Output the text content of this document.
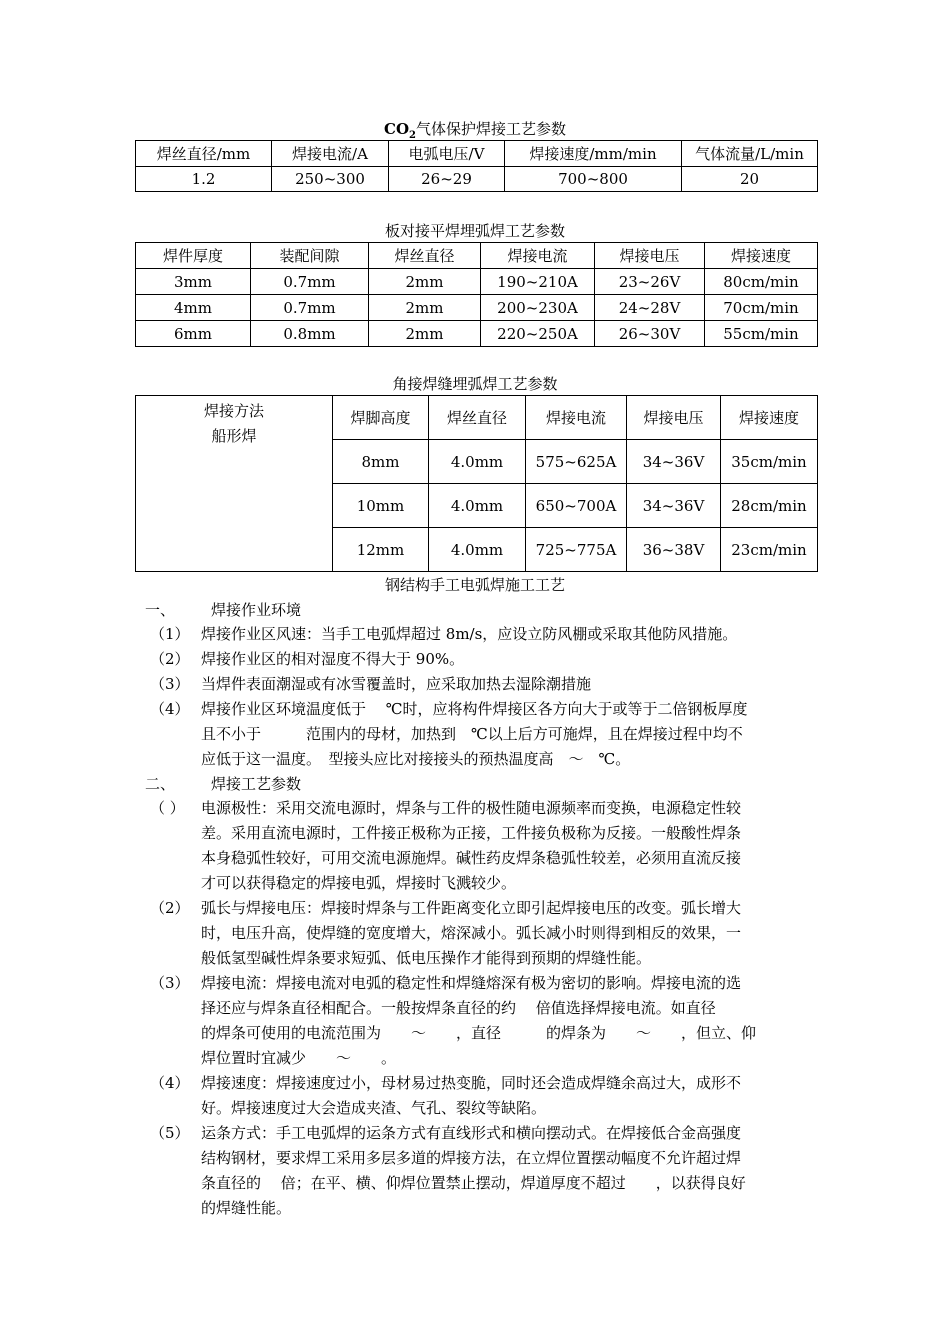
$CO_2$气体保护焊接工艺参数
焊丝直径/mm	焊接电流/A	电弧电压/V	焊接速度/mm/min	气体流量/L/min
1.2	250~300	26~29	700~800	20
板对接平焊埋弧焊工艺参数
焊件厚度	装配间隙	焊丝直径	焊接电流	焊接电压	焊接速度
3mm	0.7mm	2mm	190~210A	23~26V	80cm/min
4mm	0.7mm	2mm	200~230A	24~28V	70cm/min
6mm	0.8mm	2mm	220~250A	26~30V	55cm/min
角接焊缝埋弧焊工艺参数
焊接方法
船形焊	焊脚高度	焊丝直径	焊接电流	焊接电压	焊接速度
	8mm	4.0mm	575~625A	34~36V	35cm/min
	10mm	4.0mm	650~700A	34~36V	28cm/min
	12mm	4.0mm	725~775A	36~38V	23cm/min
钢结构手工电弧焊施工工艺
一、 焊接作业环境
（1） 焊接作业区风速：当手工电弧焊超过 8m/s，应设立防风棚或采取其他防风措施。

（2） 焊接作业区的相对湿度不得大于 90%。

（3） 当焊件表面潮湿或有冰雪覆盖时，应采取加热去湿除潮措施

（4） 焊接作业区环境温度低于　 ℃时，应将构件焊接区各方向大于或等于二倍钢板厚度

且不小于　　　范围内的母材，加热到　℃以上后方可施焊，且在焊接过程中均不

应低于这一温度。　型接头应比对接接头的预热温度高　～　℃。

二、 焊接工艺参数
（ ） 电源极性：采用交流电源时，焊条与工件的极性随电源频率而变换，电源稳定性较

差。采用直流电源时，工件接正极称为正接，工件接负极称为反接。一般酸性焊条

本身稳弧性较好，可用交流电源施焊。碱性药皮焊条稳弧性较差，必须用直流反接

才可以获得稳定的焊接电弧，焊接时飞溅较少。

（2） 弧长与焊接电压：焊接时焊条与工件距离变化立即引起焊接电压的改变。弧长增大

时，电压升高，使焊缝的宽度增大，熔深减小。弧长减小时则得到相反的效果，一

般低氢型碱性焊条要求短弧、低电压操作才能得到预期的焊缝性能。

（3） 焊接电流：焊接电流对电弧的稳定性和焊缝熔深有极为密切的影响。焊接电流的选

择还应与焊条直径相配合。一般按焊条直径的约　 倍值选择焊接电流。如直径

的焊条可使用的电流范围为　　～　　，直径　　　的焊条为　　～　　，但立、仰

焊位置时宜减少　　～　　。

（4） 焊接速度：焊接速度过小，母材易过热变脆，同时还会造成焊缝余高过大，成形不

好。焊接速度过大会造成夹渣、气孔、裂纹等缺陷。

（5） 运条方式：手工电弧焊的运条方式有直线形式和横向摆动式。在焊接低合金高强度

结构钢材，要求焊工采用多层多道的焊接方法，在立焊位置摆动幅度不允许超过焊

条直径的　 倍；在平、横、仰焊位置禁止摆动，焊道厚度不超过　　，以获得良好

的焊缝性能。
